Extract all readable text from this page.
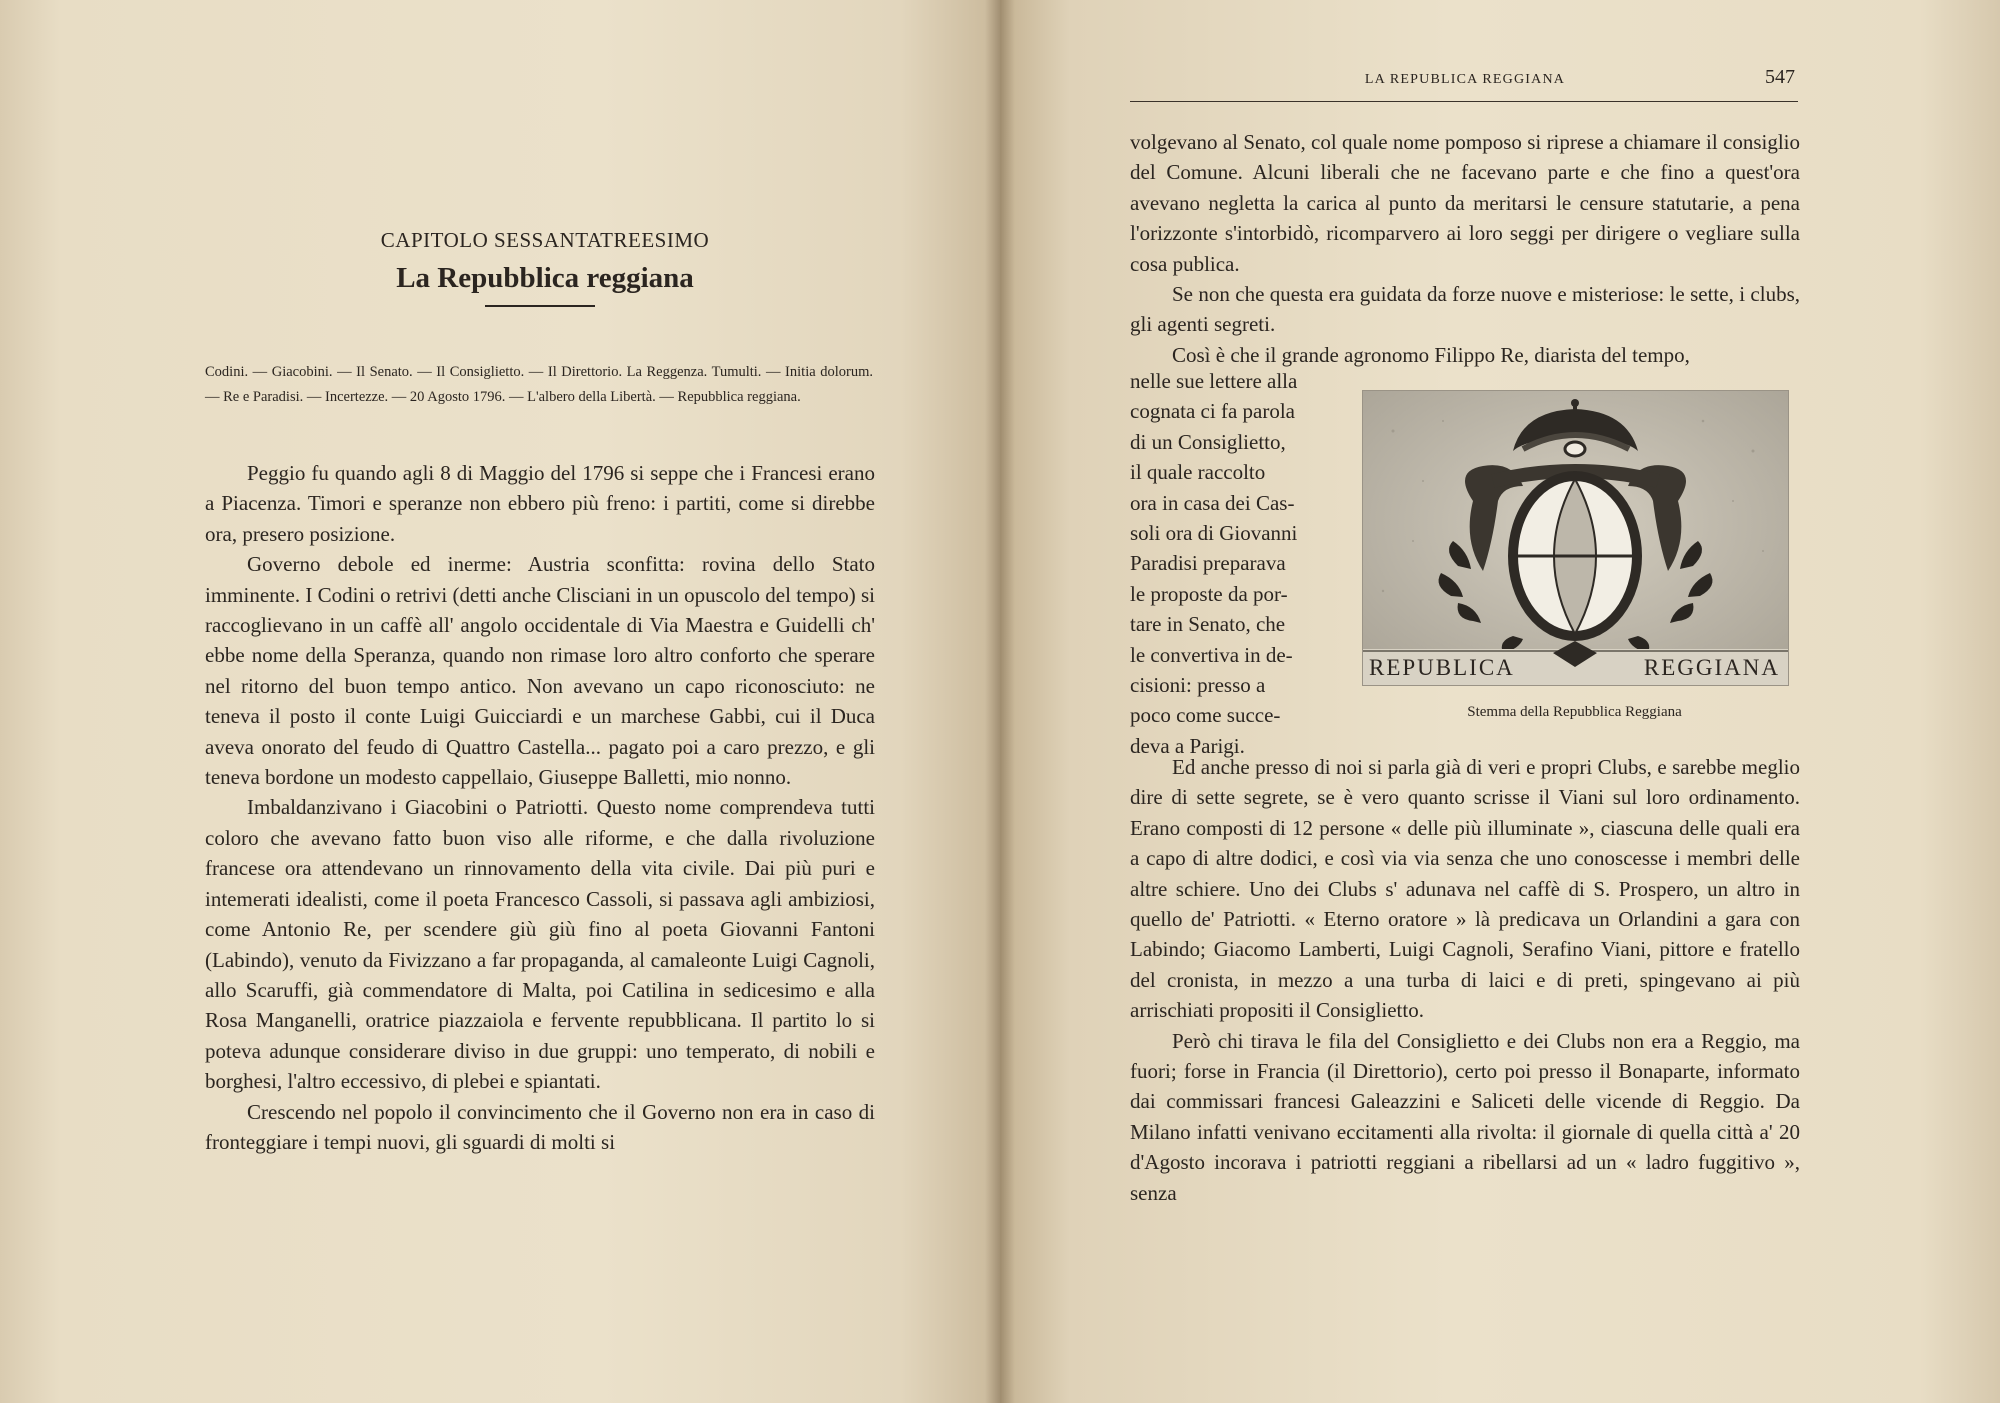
CAPITOLO SESSANTATREESIMO
La Repubblica reggiana
Codini. — Giacobini. — Il Senato. — Il Consiglietto. — Il Direttorio. La Reggenza. Tumulti. — Initia dolorum. — Re e Paradisi. — Incertezze. — 20 Agosto 1796. — L'albero della Libertà. — Repubblica reggiana.

Peggio fu quando agli 8 di Maggio del 1796 si seppe che i Francesi erano a Piacenza. Timori e speranze non ebbero più freno: i partiti, come si direbbe ora, presero posizione.

Governo debole ed inerme: Austria sconfitta: rovina dello Stato imminente. I Codini o retrivi (detti anche Clisciani in un opuscolo del tempo) si raccoglievano in un caffè all' angolo occidentale di Via Maestra e Guidelli ch' ebbe nome della Speranza, quando non rimase loro altro conforto che sperare nel ritorno del buon tempo antico. Non avevano un capo riconosciuto: ne teneva il posto il conte Luigi Guicciardi e un marchese Gabbi, cui il Duca aveva onorato del feudo di Quattro Castella... pagato poi a caro prezzo, e gli teneva bordone un modesto cappellaio, Giuseppe Balletti, mio nonno.

Imbaldanzivano i Giacobini o Patriotti. Questo nome comprendeva tutti coloro che avevano fatto buon viso alle riforme, e che dalla rivoluzione francese ora attendevano un rinnovamento della vita civile. Dai più puri e intemerati idealisti, come il poeta Francesco Cassoli, si passava agli ambiziosi, come Antonio Re, per scendere giù giù fino al poeta Giovanni Fantoni (Labindo), venuto da Fivizzano a far propaganda, al camaleonte Luigi Cagnoli, allo Scaruffi, già commendatore di Malta, poi Catilina in sedicesimo e alla Rosa Manganelli, oratrice piazzaiola e fervente repubblicana. Il partito lo si poteva adunque considerare diviso in due gruppi: uno temperato, di nobili e borghesi, l'altro eccessivo, di plebei e spiantati.

Crescendo nel popolo il convincimento che il Governo non era in caso di fronteggiare i tempi nuovi, gli sguardi di molti si

LA REPUBLICA REGGIANA	547

volgevano al Senato, col quale nome pomposo si riprese a chiamare il consiglio del Comune. Alcuni liberali che ne facevano parte e che fino a quest'ora avevano negletta la carica al punto da meritarsi le censure statutarie, a pena l'orizzonte s'intorbidò, ricomparvero ai loro seggi per dirigere o vegliare sulla cosa publica.

Se non che questa era guidata da forze nuove e misteriose: le sette, i clubs, gli agenti segreti.

Così è che il grande agronomo Filippo Re, diarista del tempo,

nelle sue lettere alla
cognata ci fa parola
di un Consiglietto,
il quale raccolto
ora in casa dei Cas-
soli ora di Giovanni
Paradisi preparava
le proposte da por-
tare in Senato, che
le convertiva in de-
cisioni: presso a
poco come succe-
deva a Parigi.
REPUBLICA	REGGIANA
Stemma della Repubblica Reggiana

Ed anche presso di noi si parla già di veri e propri Clubs, e sarebbe meglio dire di sette segrete, se è vero quanto scrisse il Viani sul loro ordinamento. Erano composti di 12 persone « delle più illuminate », ciascuna delle quali era a capo di altre dodici, e così via via senza che uno conoscesse i membri delle altre schiere. Uno dei Clubs s' adunava nel caffè di S. Prospero, un altro in quello de' Patriotti. « Eterno oratore » là predicava un Orlandini a gara con Labindo; Giacomo Lamberti, Luigi Cagnoli, Serafino Viani, pittore e fratello del cronista, in mezzo a una turba di laici e di preti, spingevano ai più arrischiati propositi il Consiglietto.

Però chi tirava le fila del Consiglietto e dei Clubs non era a Reggio, ma fuori; forse in Francia (il Direttorio), certo poi presso il Bonaparte, informato dai commissari francesi Galeazzini e Saliceti delle vicende di Reggio. Da Milano infatti venivano eccitamenti alla rivolta: il giornale di quella città a' 20 d'Agosto incorava i patriotti reggiani a ribellarsi ad un « ladro fuggitivo », senza
